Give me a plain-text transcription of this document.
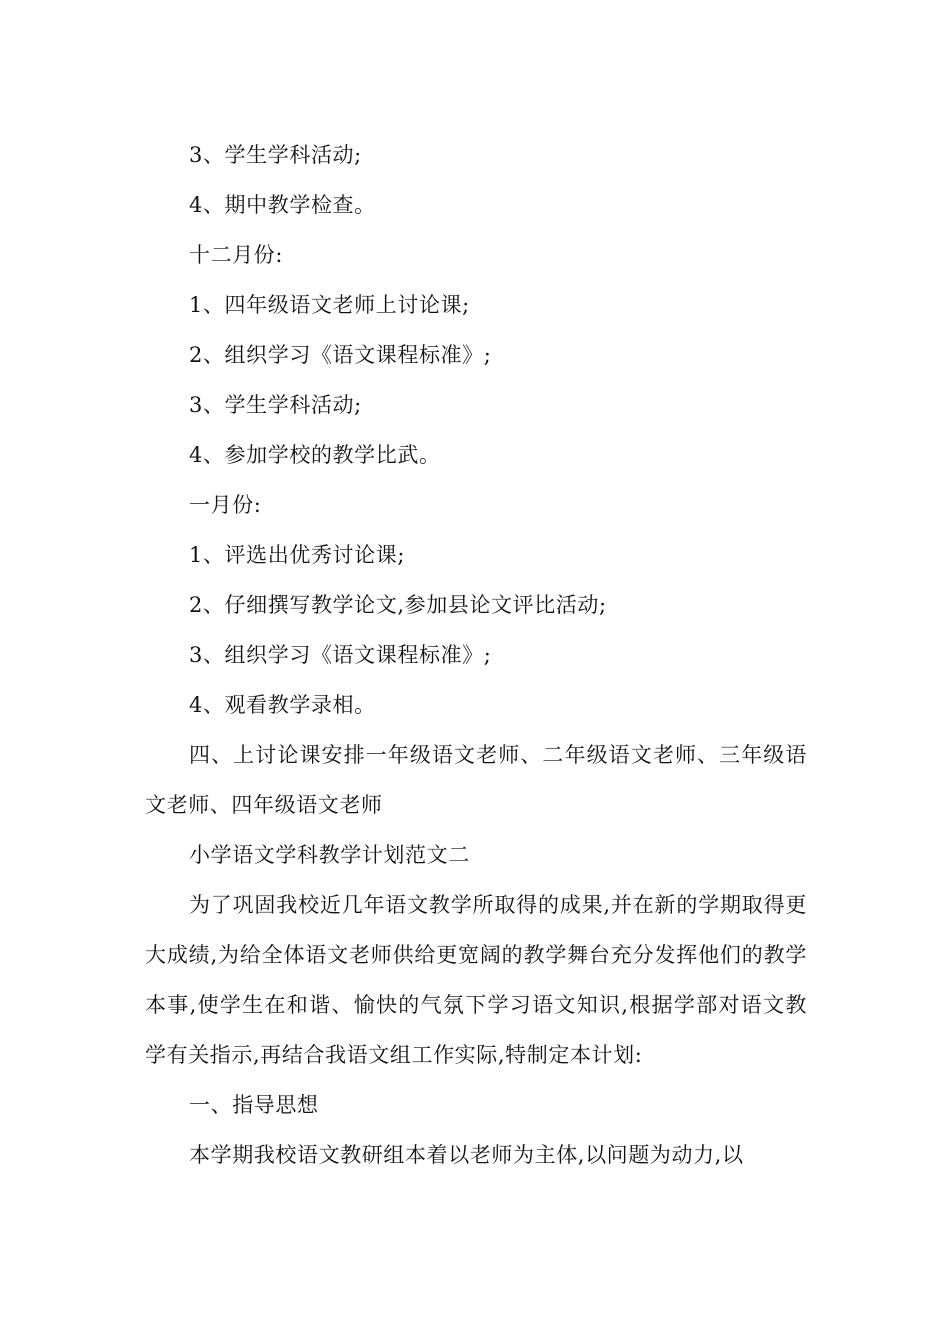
3、学生学科活动;
4、期中教学检查。
十二月份:
1、四年级语文老师上讨论课;
2、组织学习《语文课程标准》;
3、学生学科活动;
4、参加学校的教学比武。
一月份:
1、评选出优秀讨论课;
2、仔细撰写教学论文,参加县论文评比活动;
3、组织学习《语文课程标准》;
4、观看教学录相。

四、上讨论课安排一年级语文老师、二年级语文老师、三年级语文老师、四年级语文老师

小学语文学科教学计划范文二

为了巩固我校近几年语文教学所取得的成果,并在新的学期取得更大成绩,为给全体语文老师供给更宽阔的教学舞台充分发挥他们的教学本事,使学生在和谐、愉快的气氛下学习语文知识,根据学部对语文教学有关指示,再结合我语文组工作实际,特制定本计划:

一、指导思想
本学期我校语文教研组本着以老师为主体,以问题为动力,以
